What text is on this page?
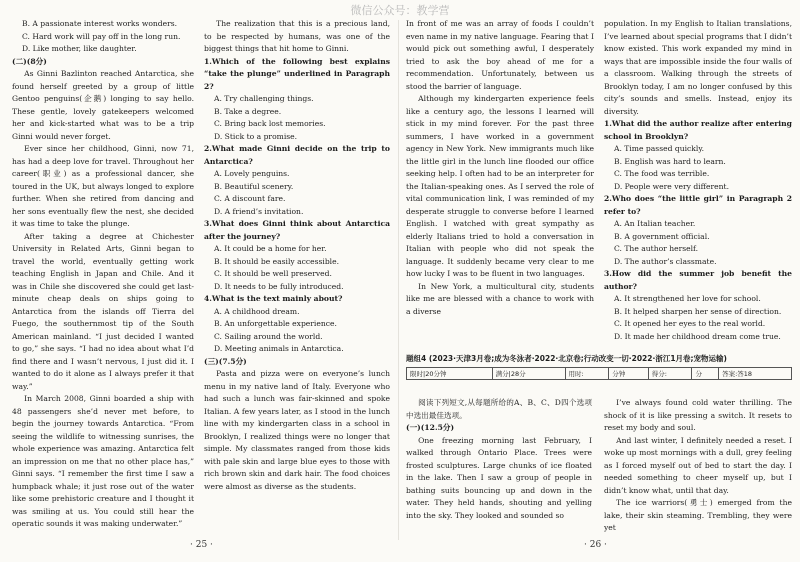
微信公众号：教学营

B. A passionate interest works wonders.

C. Hard work will pay off in the long run.

D. Like mother, like daughter.

(二)(8分)

As Ginni Bazlinton reached Antarctica, she found herself greeted by a group of little Gentoo penguins(企鹅) longing to say hello. These gentle, lovely gatekeepers welcomed her and kick-started what was to be a trip Ginni would never forget.

Ever since her childhood, Ginni, now 71, has had a deep love for travel. Throughout her career(职业) as a professional dancer, she toured in the UK, but always longed to explore further. When she retired from dancing and her sons eventually flew the nest, she decided it was time to take the plunge.

After taking a degree at Chichester University in Related Arts, Ginni began to travel the world, eventually getting work teaching English in Japan and Chile. And it was in Chile she discovered she could get last-minute cheap deals on ships going to Antarctica from the islands off Tierra del Fuego, the southernmost tip of the South American mainland. “I just decided I wanted to go,” she says. “I had no idea about what I’d find there and I wasn’t nervous, I just did it. I wanted to do it alone as I always prefer it that way.”

In March 2008, Ginni boarded a ship with 48 passengers she’d never met before, to begin the journey towards Antarctica. “From seeing the wildlife to witnessing sunrises, the whole experience was amazing. Antarctica felt an impression on me that no other place has,” Ginni says. “I remember the first time I saw a humpback whale; it just rose out of the water like some prehistoric creature and I thought it was smiling at us. You could still hear the operatic sounds it was making underwater.”

The realization that this is a precious land, to be respected by humans, was one of the biggest things that hit home to Ginni.

1.Which of the following best explains “take the plunge” underlined in Paragraph 2?

A. Try challenging things.

B. Take a degree.

C. Bring back lost memories.

D. Stick to a promise.

2.What made Ginni decide on the trip to Antarctica?

A. Lovely penguins.

B. Beautiful scenery.

C. A discount fare.

D. A friend’s invitation.

3.What does Ginni think about Antarctica after the journey?

A. It could be a home for her.

B. It should be easily accessible.

C. It should be well preserved.

D. It needs to be fully introduced.

4.What is the text mainly about?

A. A childhood dream.

B. An unforgettable experience.

C. Sailing around the world.

D. Meeting animals in Antarctica.

(三)(7.5分)

Pasta and pizza were on everyone’s lunch menu in my native land of Italy. Everyone who had such a lunch was fair-skinned and spoke Italian. A few years later, as I stood in the lunch line with my kindergarten class in a school in Brooklyn, I realized things were no longer that simple. My classmates ranged from those kids with pale skin and large blue eyes to those with rich brown skin and dark hair. The food choices were almost as diverse as the students.

In front of me was an array of foods I couldn’t even name in my native language. Fearing that I would pick out something awful, I desperately tried to ask the boy ahead of me for a recommendation. Unfortunately, between us stood the barrier of language.

Although my kindergarten experience feels like a century ago, the lessons I learned will stick in my mind forever. For the past three summers, I have worked in a government agency in New York. New immigrants much like the little girl in the lunch line flooded our office seeking help. I often had to be an interpreter for the Italian-speaking ones. As I served the role of vital communication link, I was reminded of my desperate struggle to converse before I learned English. I watched with great sympathy as elderly Italians tried to hold a conversation in Italian with people who did not speak the language. It suddenly became very clear to me how lucky I was to be fluent in two languages.

In New York, a multicultural city, students like me are blessed with a chance to work with a diverse

population. In my English to Italian translations, I’ve learned about special programs that I didn’t know existed. This work expanded my mind in ways that are impossible inside the four walls of a classroom. Walking through the streets of Brooklyn today, I am no longer confused by this city’s sounds and smells. Instead, enjoy its diversity.

1.What did the author realize after entering school in Brooklyn?

A. Time passed quickly.

B. English was hard to learn.

C. The food was terrible.

D. People were very different.

2.Who does “the little girl” in Paragraph 2 refer to?

A. An Italian teacher.

B. A government official.

C. The author herself.

D. The author’s classmate.

3.How did the summer job benefit the author?

A. It strengthened her love for school.

B. It helped sharpen her sense of direction.

C. It opened her eyes to the real world.

D. It made her childhood dream come true.

题组4 (2023·天津3月卷;成为冬泳者·2022·北京卷;行动改变一切·2022·浙江1月卷;宠物运输)
限时|20分钟	满分|28分	用时:	分钟	得分:	分	答案:答18

阅读下列短文,从每题所给的A、B、C、D四个选项中选出最佳选项。

(一)(12.5分)

One freezing morning last February, I walked through Ontario Place. Trees were frosted sculptures. Large chunks of ice floated in the lake. Then I saw a group of people in bathing suits bouncing up and down in the water. They held hands, shouting and yelling into the sky. They looked and sounded so

I’ve always found cold water thrilling. The shock of it is like pressing a switch. It resets to reset my body and soul.

And last winter, I definitely needed a reset. I woke up most mornings with a dull, grey feeling as I forced myself out of bed to start the day. I needed something to cheer myself up, but I didn’t know what, until that day.

The ice warriors(勇士) emerged from the lake, their skin steaming. Trembling, they were yet

· 25 ·	· 26 ·
